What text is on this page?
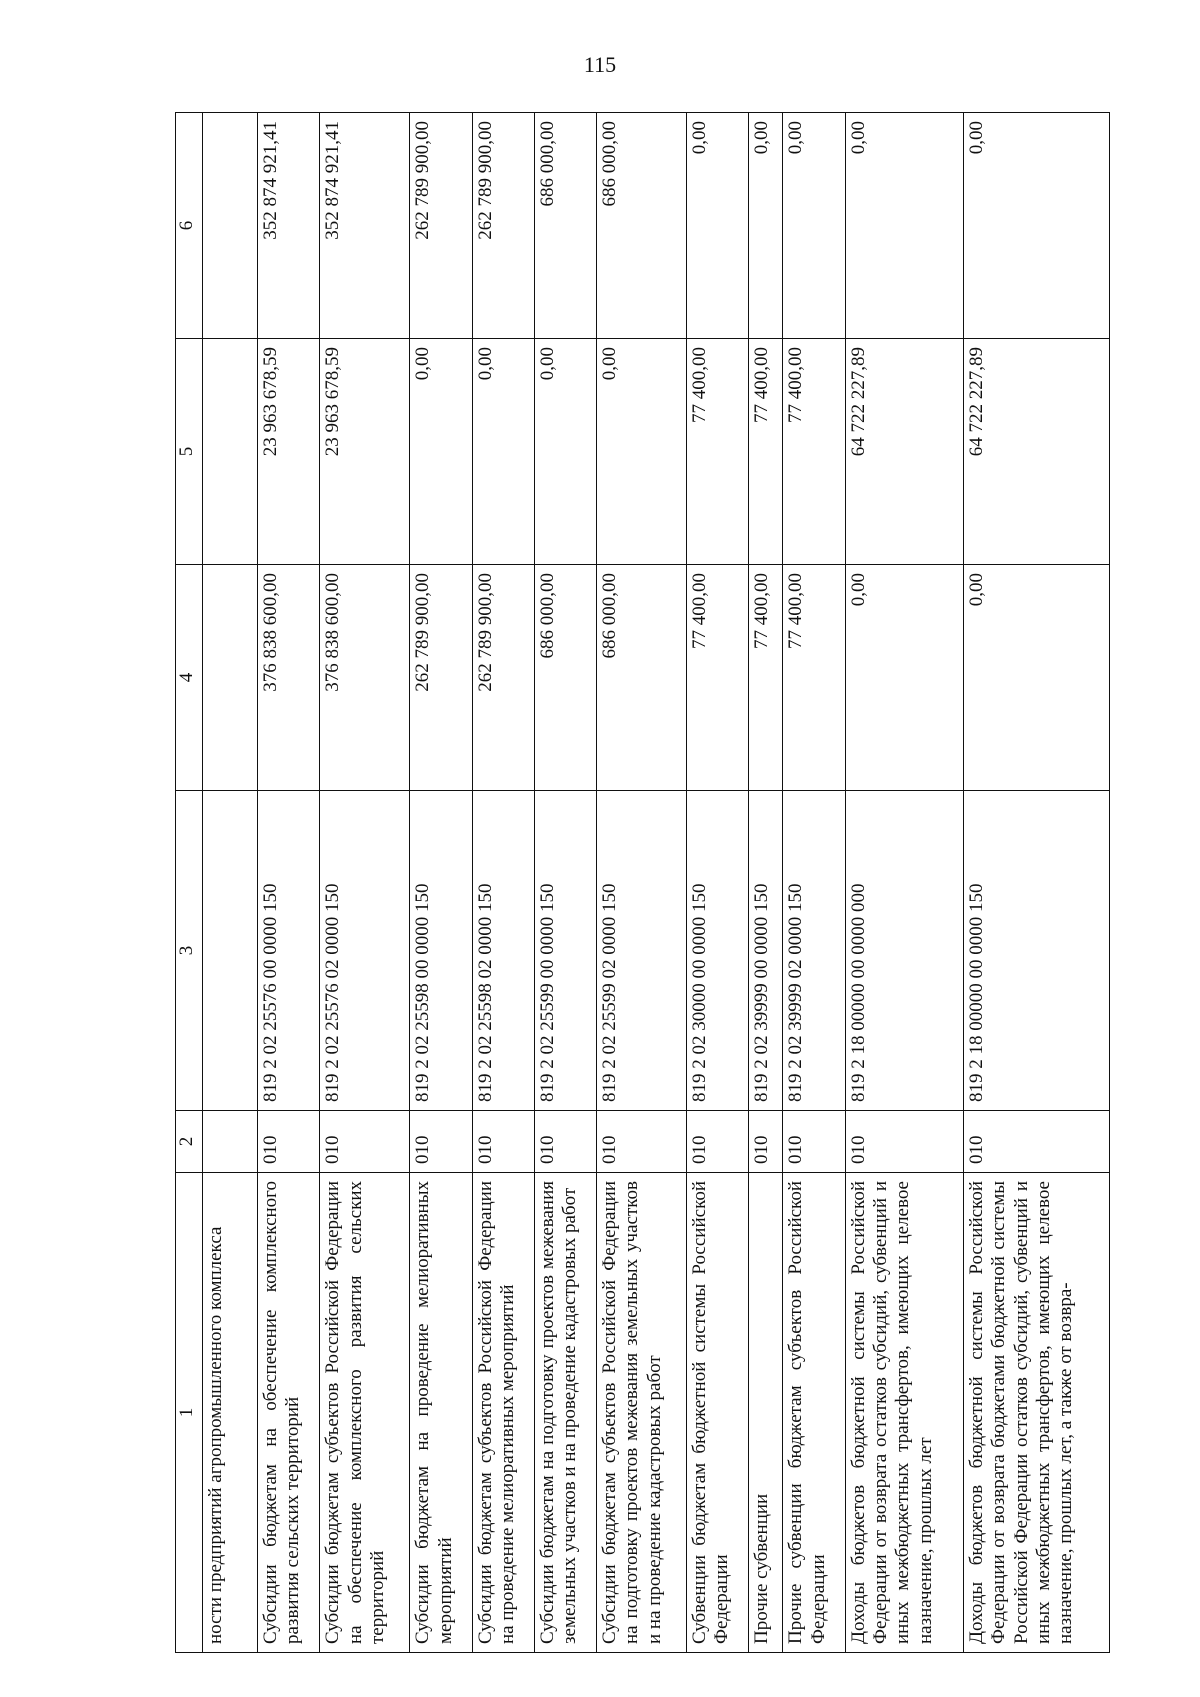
115
1	2	3	4	5	6
ности предприятий агропромышленного комплекса					
Субсидии бюджетам на обеспечение комплексного развития сельских территорий	010	819 2 02 25576 00 0000 150	376 838 600,00	23 963 678,59	352 874 921,41
Субсидии бюджетам субъектов Российской Федерации на обеспечение комплексного развития сельских территорий	010	819 2 02 25576 02 0000 150	376 838 600,00	23 963 678,59	352 874 921,41
Субсидии бюджетам на проведение мелиоративных мероприятий	010	819 2 02 25598 00 0000 150	262 789 900,00	0,00	262 789 900,00
Субсидии бюджетам субъектов Российской Федерации на проведение мелиоративных мероприятий	010	819 2 02 25598 02 0000 150	262 789 900,00	0,00	262 789 900,00
Субсидии бюджетам на подготовку проектов межевания земельных участков и на проведение кадастровых работ	010	819 2 02 25599 00 0000 150	686 000,00	0,00	686 000,00
Субсидии бюджетам субъектов Российской Федерации на подготовку проектов межевания земельных участков и на проведение кадастровых работ	010	819 2 02 25599 02 0000 150	686 000,00	0,00	686 000,00
Субвенции бюджетам бюджетной системы Российской Федерации	010	819 2 02 30000 00 0000 150	77 400,00	77 400,00	0,00
Прочие субвенции	010	819 2 02 39999 00 0000 150	77 400,00	77 400,00	0,00
Прочие субвенции бюджетам субъектов Российской Федерации	010	819 2 02 39999 02 0000 150	77 400,00	77 400,00	0,00
Доходы бюджетов бюджетной системы Российской Федерации от возврата остатков субсидий, субвенций и иных межбюджетных трансфертов, имеющих целевое назначение, прошлых лет	010	819 2 18 00000 00 0000 000	0,00	64 722 227,89	0,00
Доходы бюджетов бюджетной системы Российской Федерации от возврата бюджетами бюджетной системы Российской Федерации остатков субсидий, субвенций и иных межбюджетных трансфертов, имеющих целевое назначение, прошлых лет, а также от возвра-	010	819 2 18 00000 00 0000 150	0,00	64 722 227,89	0,00
